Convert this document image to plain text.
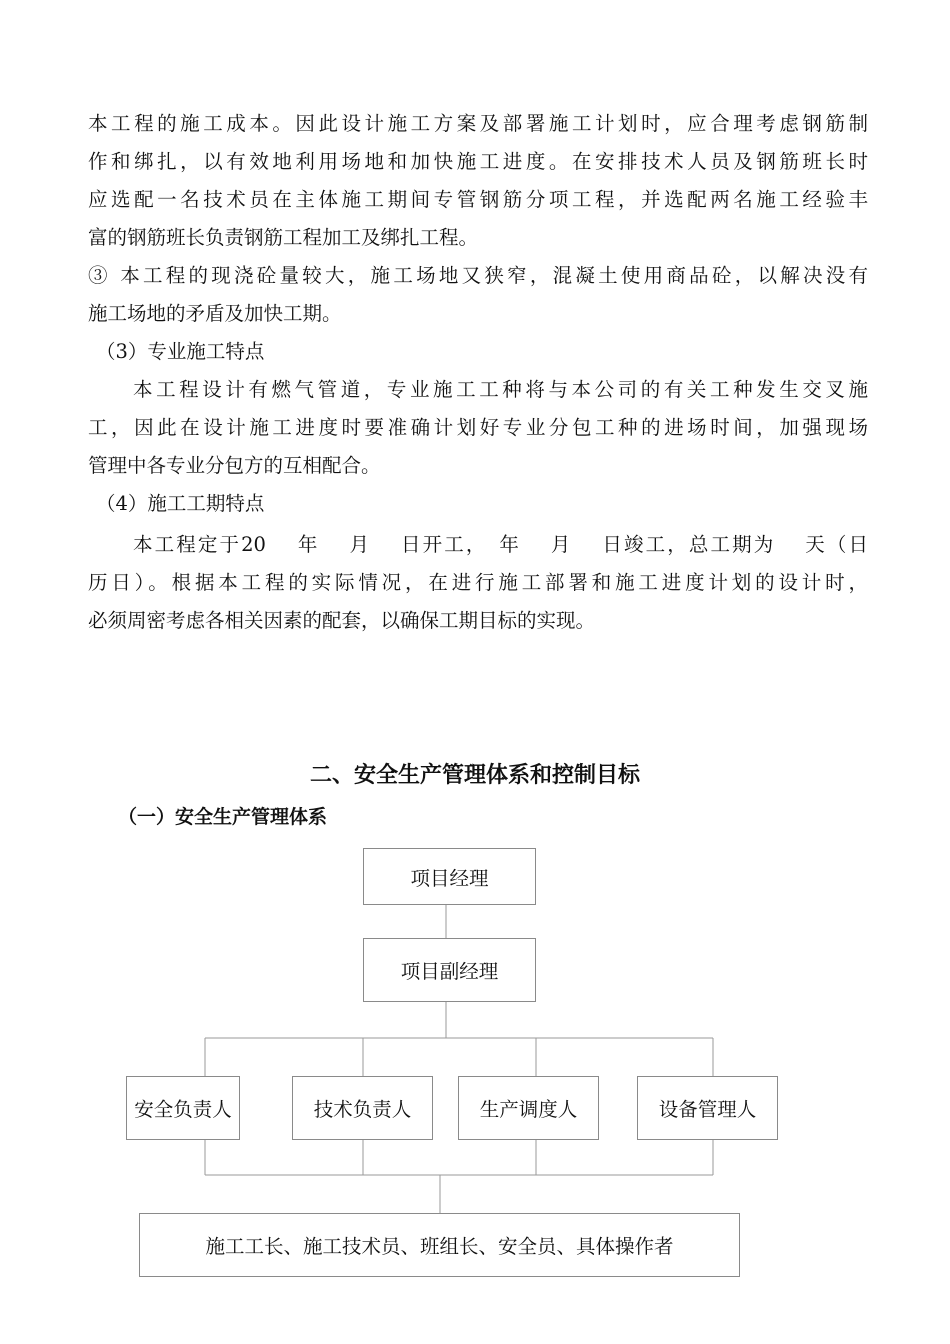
本工程的施工成本。因此设计施工方案及部署施工计划时，应合理考虑钢筋制
作和绑扎，以有效地利用场地和加快施工进度。在安排技术人员及钢筋班长时
应选配一名技术员在主体施工期间专管钢筋分项工程，并选配两名施工经验丰
富的钢筋班长负责钢筋工程加工及绑扎工程。
③ 本工程的现浇砼量较大，施工场地又狭窄，混凝土使用商品砼，以解决没有
施工场地的矛盾及加快工期。
（3）专业施工特点
本工程设计有燃气管道，专业施工工种将与本公司的有关工种发生交叉施
工，因此在设计施工进度时要准确计划好专业分包工种的进场时间，加强现场
管理中各专业分包方的互相配合。
（4）施工工期特点
本工程定于20　 年　 月　 日开工，　年　 月　 日竣工，总工期为　 天（日
历日）。根据本工程的实际情况，在进行施工部署和施工进度计划的设计时，
必须周密考虑各相关因素的配套，以确保工期目标的实现。
二、安全生产管理体系和控制目标
（一）安全生产管理体系
项目经理
项目副经理
安全负责人	技术负责人	生产调度人	设备管理人
施工工长、施工技术员、班组长、安全员、具体操作者
